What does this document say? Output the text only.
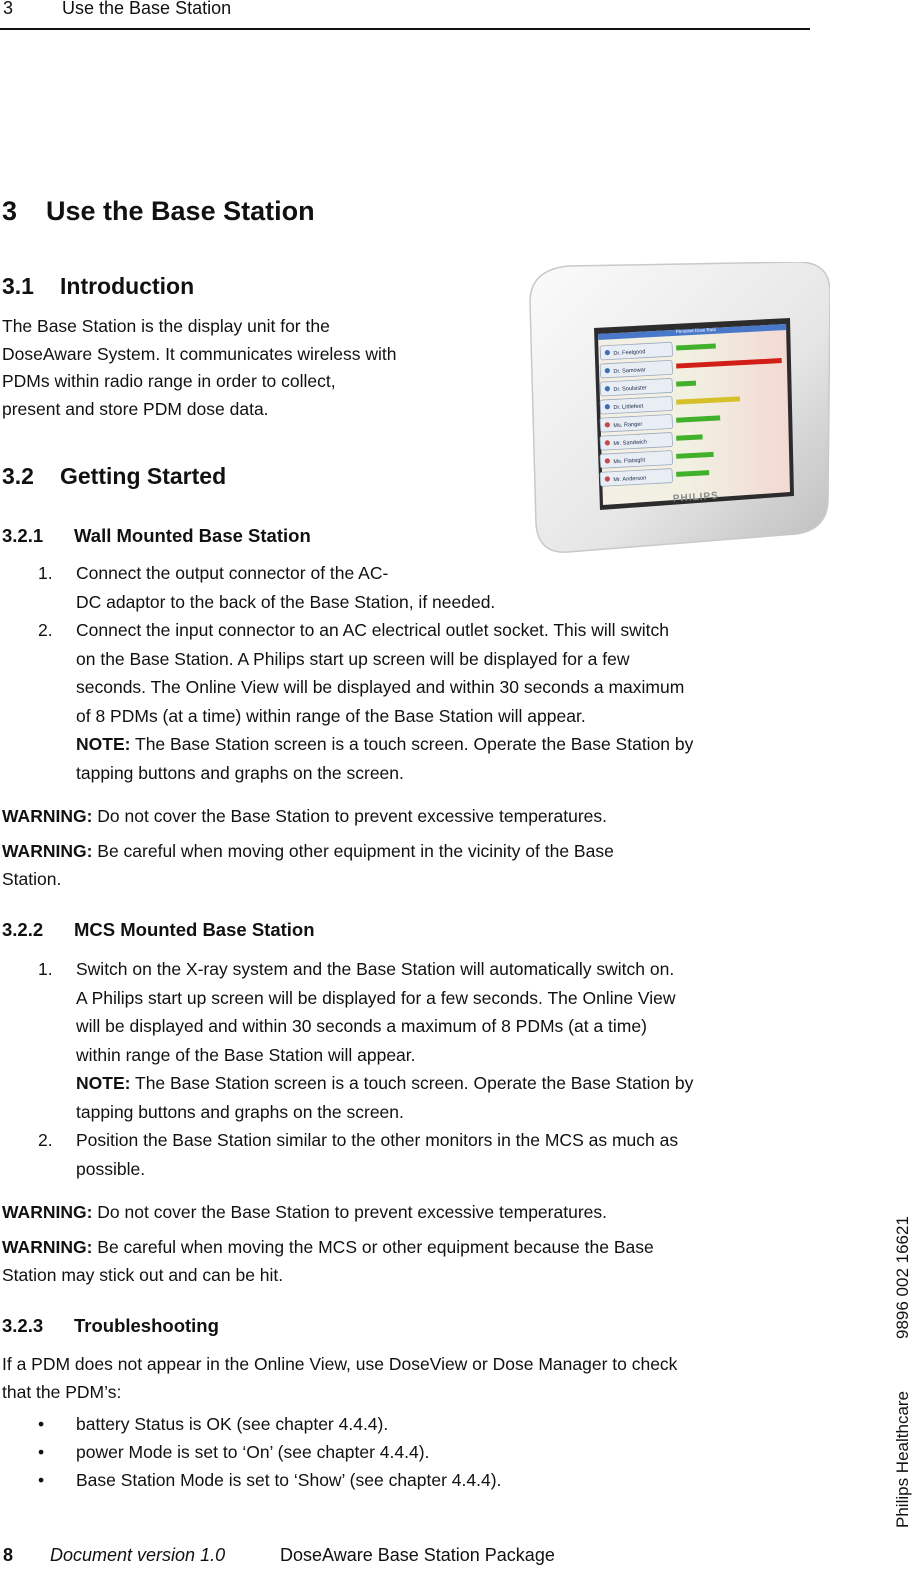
3	Use the Base Station
3 Use the Base Station
3.1 Introduction
The Base Station is the display unit for the
DoseAware System. It communicates wireless with
PDMs within radio range in order to collect,
present and store PDM dose data.
Personal Dose Rate
Dr. Feelgood
Dr. Samowar
Dr. Soulsister
Dr. Littlefeet
Ms. Ranger
Mr. Sandwich
Ms. Flatsight
Mr. Anderson
PHILIPS
3.2 Getting Started
3.2.1 Wall Mounted Base Station
1.	Connect the output connector of the AC-
DC adaptor to the back of the Base Station, if needed.
2.	Connect the input connector to an AC electrical outlet socket. This will switch
on the Base Station. A Philips start up screen will be displayed for a few
seconds. The Online View will be displayed and within 30 seconds a maximum
of 8 PDMs (at a time) within range of the Base Station will appear.
NOTE: The Base Station screen is a touch screen. Operate the Base Station by
tapping buttons and graphs on the screen.
WARNING: Do not cover the Base Station to prevent excessive temperatures.
WARNING: Be careful when moving other equipment in the vicinity of the Base
Station.
3.2.2 MCS Mounted Base Station
1.	Switch on the X-ray system and the Base Station will automatically switch on.
A Philips start up screen will be displayed for a few seconds. The Online View
will be displayed and within 30 seconds a maximum of 8 PDMs (at a time)
within range of the Base Station will appear.
NOTE: The Base Station screen is a touch screen. Operate the Base Station by
tapping buttons and graphs on the screen.
2.	Position the Base Station similar to the other monitors in the MCS as much as
possible.
WARNING: Do not cover the Base Station to prevent excessive temperatures.
WARNING: Be careful when moving the MCS or other equipment because the Base
Station may stick out and can be hit.
3.2.3 Troubleshooting
If a PDM does not appear in the Online View, use DoseView or Dose Manager to check
that the PDM’s:
•	battery Status is OK (see chapter 4.4.4).
•	power Mode is set to ‘On’ (see chapter 4.4.4).
•	Base Station Mode is set to ‘Show’ (see chapter 4.4.4).
8 Document version 1.0	DoseAware Base Station Package
Philips Healthcare9896 002 16621
